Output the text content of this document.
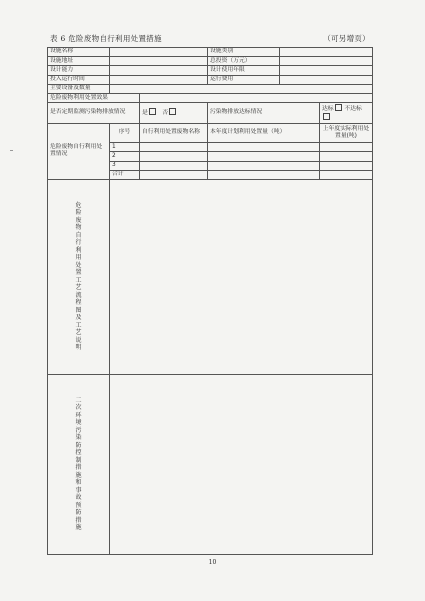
表 6 危险废物自行利用处置措施	（可另增页）
设施名称			设施类别		
设施地址			总投资（万元）		
设计能力			设计使用年限		
投入运行时间			运行费用		
主要设备及数量					
危险废物利用处置效果					
是否定期监测污染物排放情况		是 否	污染物排放达标情况		达标 不达标

危险废物自行利用处置情况	序号	自行利用处置废物名称	本年度计划利用处置量（吨）		上年度实际利用处置量(吨)
	1				
	2				
	3				
	合计				

危险废物自行利用处置工艺流程图及工艺说明					

二次环境污染防控制措施和事故预防措施					

10
